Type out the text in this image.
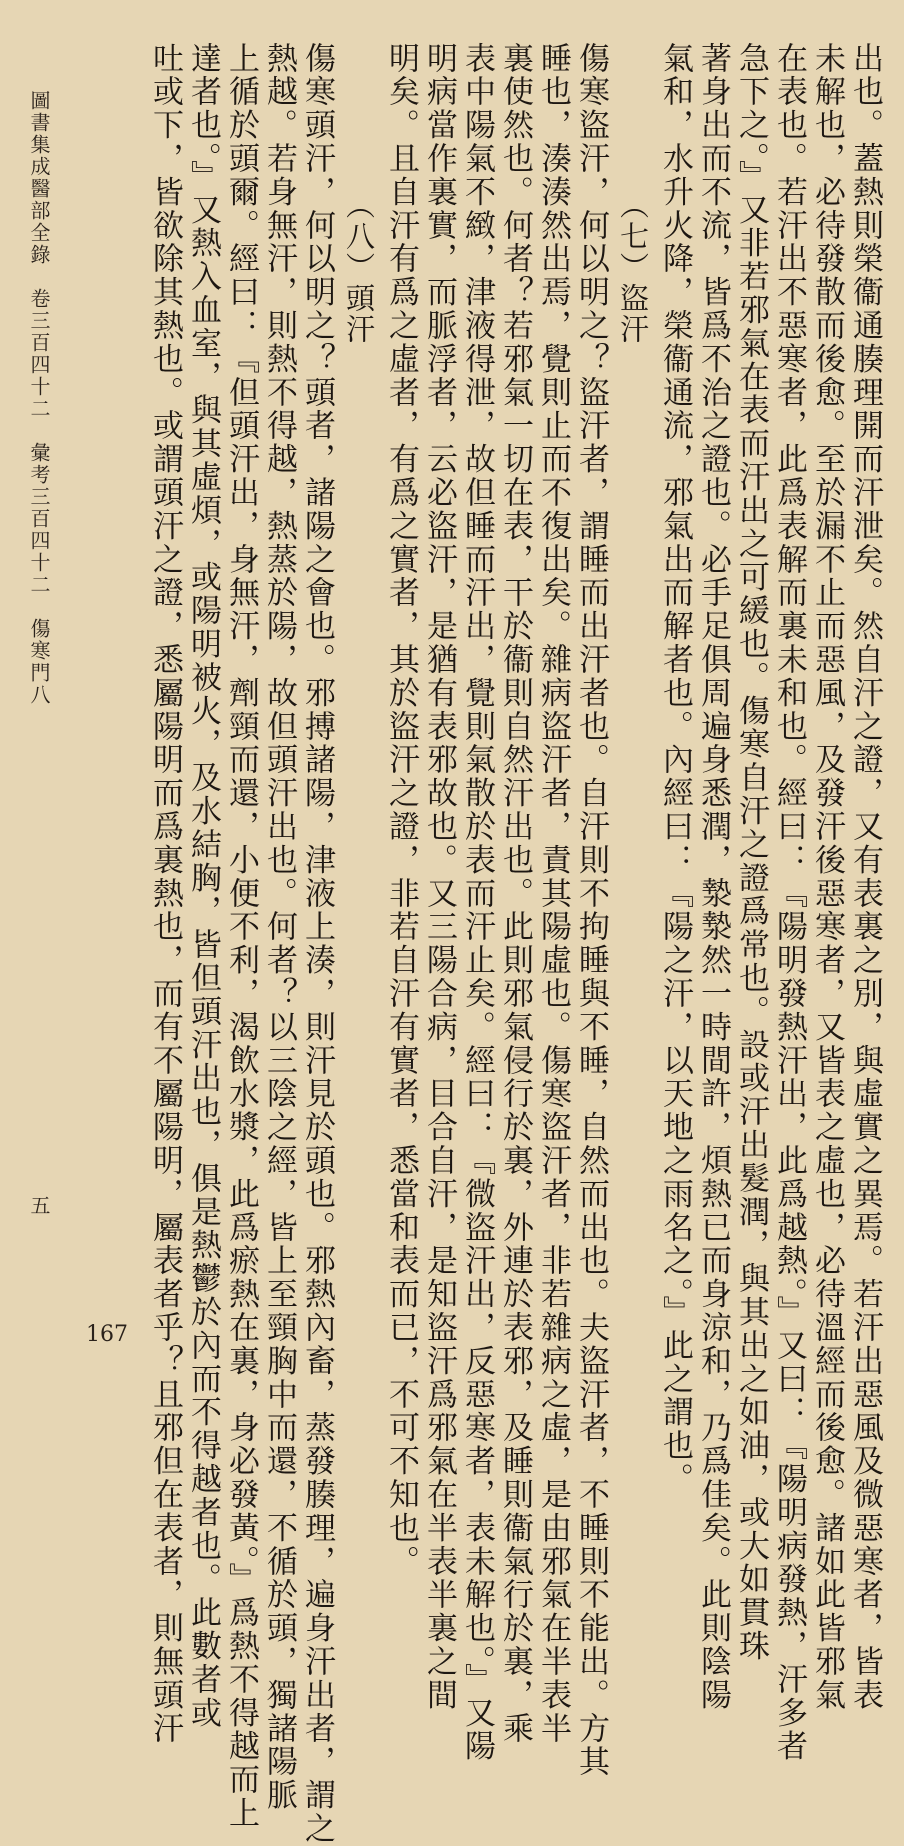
出也。蓋熱則榮衞通腠理開而汗泄矣。然自汗之證，又有表裏之別，與虛實之異焉。若汗出惡風及微惡寒者，皆表
未解也，必待發散而後愈。至於漏不止而惡風，及發汗後惡寒者，又皆表之虛也，必待溫經而後愈。諸如此皆邪氣
在表也。若汗出不惡寒者，此爲表解而裏未和也。經曰：『陽明發熱汗出，此爲越熱。』又曰：『陽明病發熱，汗多者
急下之。』又非若邪氣在表而汗出之可緩也。傷寒自汗之證爲常也。設或汗出髮潤，與其出之如油，或大如貫珠
著身出而不流，皆爲不治之證也。必手足俱周遍身悉潤，漐漐然一時間許，煩熱已而身涼和，乃爲佳矣。此則陰陽
氣和，水升火降，榮衞通流，邪氣出而解者也。內經曰：『陽之汗，以天地之雨名之。』此之謂也。
（七）盜汗
傷寒盜汗，何以明之？盜汗者，謂睡而出汗者也。自汗則不拘睡與不睡，自然而出也。夫盜汗者，不睡則不能出。方其
睡也，湊湊然出焉，覺則止而不復出矣。雜病盜汗者，責其陽虛也。傷寒盜汗者，非若雜病之虛，是由邪氣在半表半
裏使然也。何者？若邪氣一切在表，干於衞則自然汗出也。此則邪氣侵行於裏，外連於表邪，及睡則衞氣行於裏，乘
表中陽氣不緻，津液得泄，故但睡而汗出，覺則氣散於表而汗止矣。經曰：『微盜汗出，反惡寒者，表未解也。』又陽
明病當作裏實，而脈浮者，云必盜汗，是猶有表邪故也。又三陽合病，目合自汗，是知盜汗爲邪氣在半表半裏之間
明矣。且自汗有爲之虛者，有爲之實者，其於盜汗之證，非若自汗有實者，悉當和表而已，不可不知也。
（八）頭汗
傷寒頭汗，何以明之？頭者，諸陽之會也。邪搏諸陽，津液上湊，則汗見於頭也。邪熱內畜，蒸發腠理，遍身汗出者，謂之
熱越。若身無汗，則熱不得越，熱蒸於陽，故但頭汗出也。何者？以三陰之經，皆上至頸胸中而還，不循於頭，獨諸陽脈
上循於頭爾。經曰：『但頭汗出，身無汗，劑頸而還，小便不利，渴飲水漿，此爲瘀熱在裏，身必發黃。』爲熱不得越而上
達者也。』又熱入血室，與其虛煩，或陽明被火，及水結胸，皆但頭汗出也，俱是熱鬱於內而不得越者也。此數者或
吐或下，皆欲除其熱也。或謂頭汗之證，悉屬陽明而爲裏熱也，而有不屬陽明，屬表者乎？且邪但在表者，則無頭汗
圖書集成醫部全錄　卷三百四十二　彙考三百四十二　傷寒門八
五
167
